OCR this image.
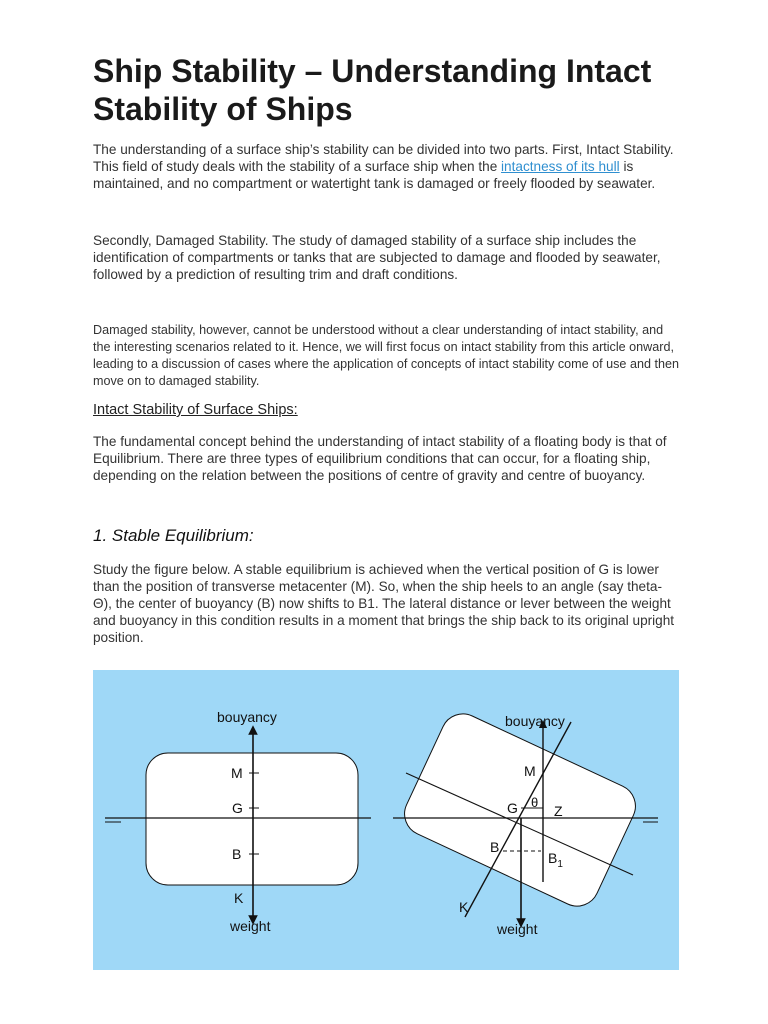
Ship Stability – Understanding Intact Stability of Ships

The understanding of a surface ship’s stability can be divided into two parts. First, Intact Stability. This field of study deals with the stability of a surface ship when the intactness of its hull is maintained, and no compartment or watertight tank is damaged or freely flooded by seawater.

Secondly, Damaged Stability. The study of damaged stability of a surface ship includes the identification of compartments or tanks that are subjected to damage and flooded by seawater, followed by a prediction of resulting trim and draft conditions.

Damaged stability, however, cannot be understood without a clear understanding of intact stability, and the interesting scenarios related to it. Hence, we will first focus on intact stability from this article onward, leading to a discussion of cases where the application of concepts of intact stability come of use and then move on to damaged stability.

Intact Stability of Surface Ships:

The fundamental concept behind the understanding of intact stability of a floating body is that of Equilibrium. There are three types of equilibrium conditions that can occur, for a floating ship, depending on the relation between the positions of centre of gravity and centre of buoyancy.

1. Stable Equilibrium:

Study the figure below. A stable equilibrium is achieved when the vertical position of G is lower than the position of transverse metacenter (M). So, when the ship heels to an angle (say theta- Θ), the center of buoyancy (B) now shifts to B1. The lateral distance or lever between the weight and buoyancy in this condition results in a moment that brings the ship back to its original upright position.

bouyancy
M
G
B
K
weight
bouyancy
M
G θ
Z
B
$B_1$
K
weight
